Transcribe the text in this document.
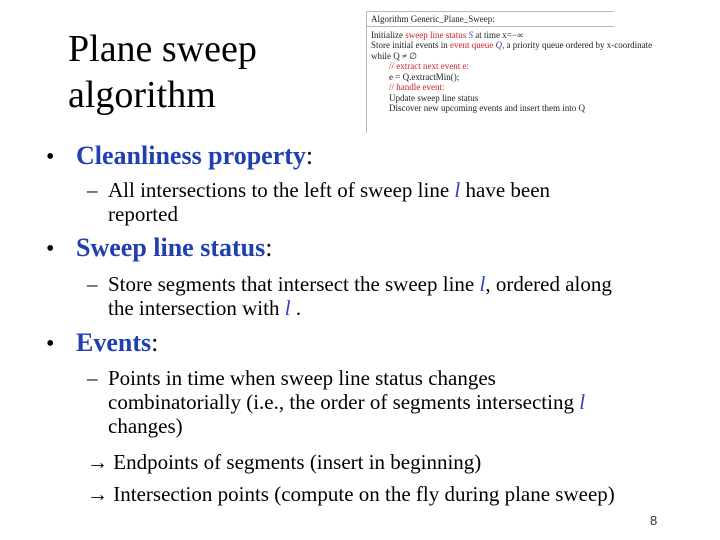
Plane sweep
algorithm
Algorithm Generic_Plane_Sweep:
Initialize sweep line status S at time x=−∞
Store initial events in event queue Q, a priority queue ordered by x-coordinate
while Q ≠ ∅
// extract next event e:
e = Q.extractMin();
// handle event:
Update sweep line status
Discover new upcoming events and insert them into Q
• Cleanliness property:
– All intersections to the left of sweep line l have been
reported
• Sweep line status:
– Store segments that intersect the sweep line l, ordered along
the intersection with l .
• Events:
– Points in time when sweep line status changes
combinatorially (i.e., the order of segments intersecting l
changes)
→ Endpoints of segments (insert in beginning)
→ Intersection points (compute on the fly during plane sweep)
8
